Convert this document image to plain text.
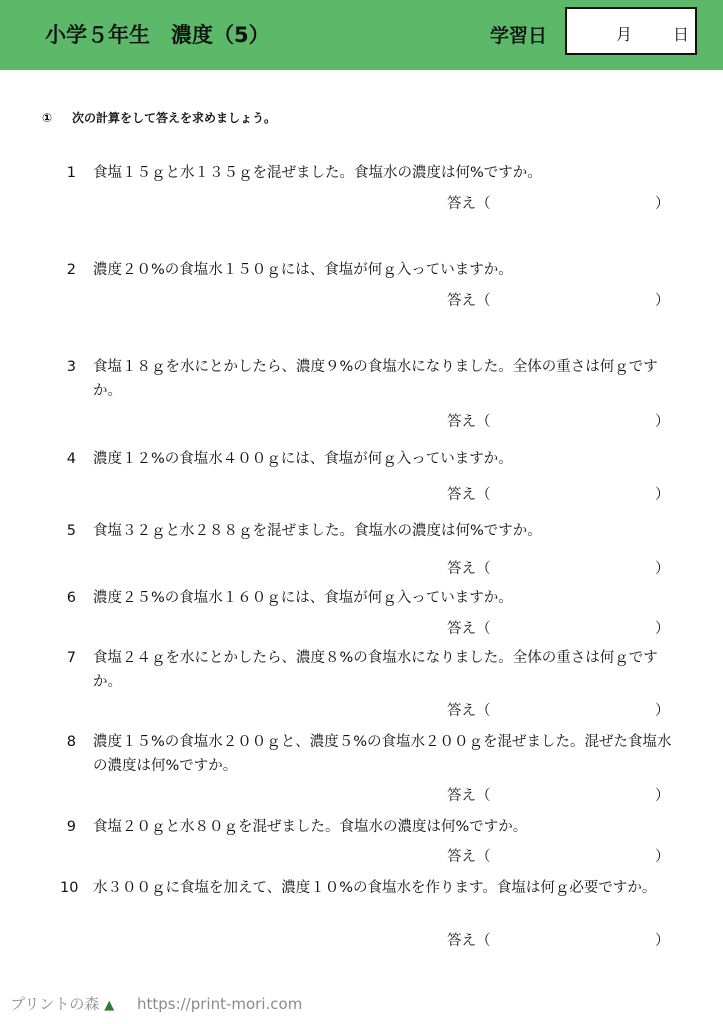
小学５年生　濃度（5）	学習日	月	日
① 次の計算をして答えを求めましょう。
1 食塩１５ｇと水１３５ｇを混ぜました。食塩水の濃度は何%ですか。
答え（	）
2 濃度２０%の食塩水１５０ｇには、食塩が何ｇ入っていますか。
答え（	）
3 食塩１８ｇを水にとかしたら、濃度９%の食塩水になりました。全体の重さは何ｇですか。
答え（	）
4 濃度１２%の食塩水４００ｇには、食塩が何ｇ入っていますか。
答え（	）
5 食塩３２ｇと水２８８ｇを混ぜました。食塩水の濃度は何%ですか。
答え（	）
6 濃度２５%の食塩水１６０ｇには、食塩が何ｇ入っていますか。
答え（	）
7 食塩２４ｇを水にとかしたら、濃度８%の食塩水になりました。全体の重さは何ｇですか。
答え（	）
8 濃度１５%の食塩水２００ｇと、濃度５%の食塩水２００ｇを混ぜました。混ぜた食塩水の濃度は何%ですか。
答え（	）
9 食塩２０ｇと水８０ｇを混ぜました。食塩水の濃度は何%ですか。
答え（	）
10 水３００ｇに食塩を加えて、濃度１０%の食塩水を作ります。食塩は何ｇ必要ですか。
答え（	）
プリントの森 ▲ https://print-mori.com
